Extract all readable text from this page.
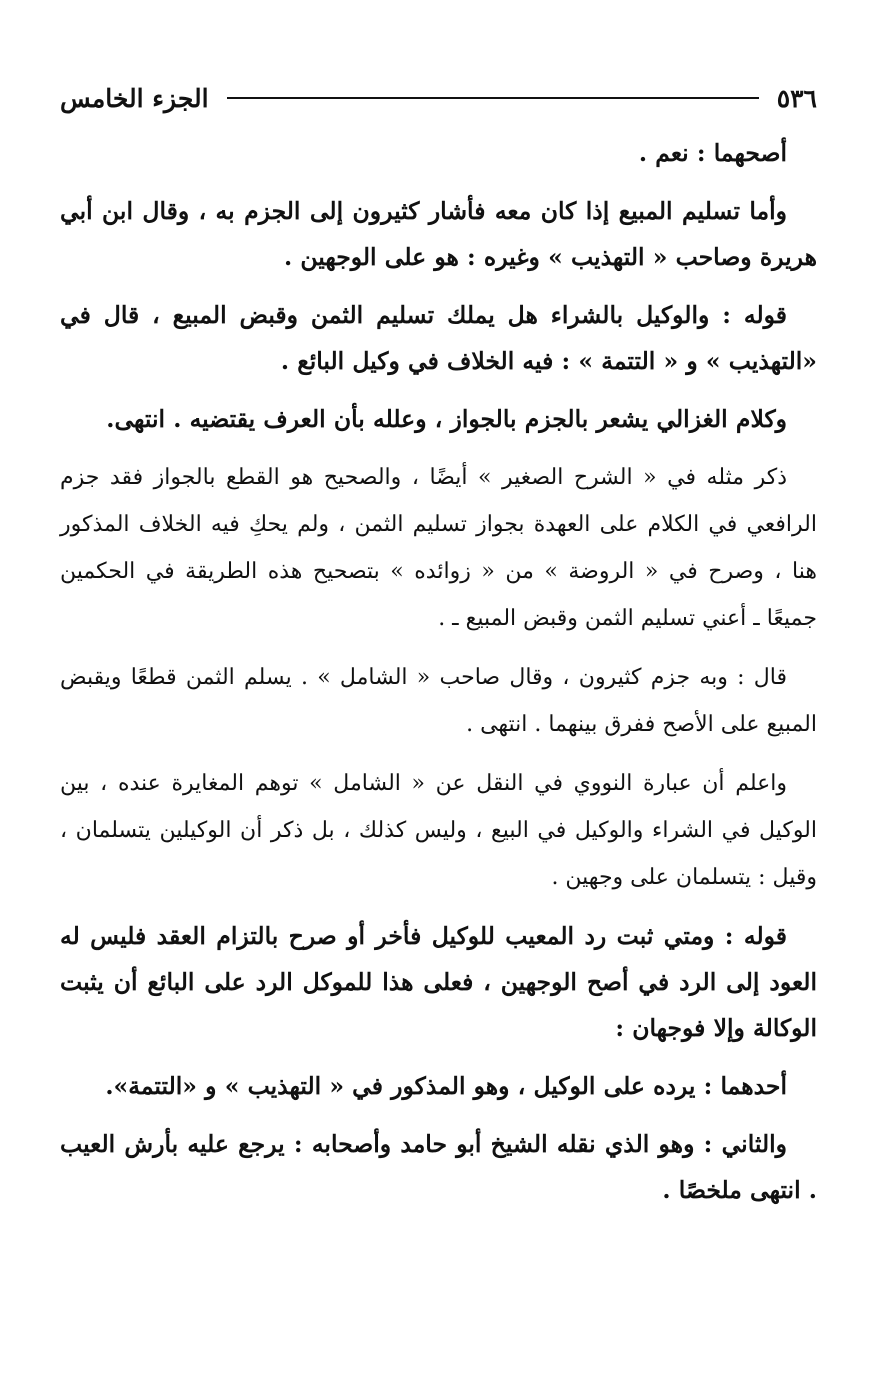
٥٣٦
الجزء الخامس

أصحهما : نعم .

وأما تسليم المبيع إذا كان معه فأشار كثيرون إلى الجزم به ، وقال ابن أبي هريرة وصاحب « التهذيب » وغيره : هو على الوجهين .

قوله : والوكيل بالشراء هل يملك تسليم الثمن وقبض المبيع ، قال في «التهذيب » و « التتمة » : فيه الخلاف في وكيل البائع .

وكلام الغزالي يشعر بالجزم بالجواز ، وعلله بأن العرف يقتضيه . انتهى.

ذكر مثله في « الشرح الصغير » أيضًا ، والصحيح هو القطع بالجواز فقد جزم الرافعي في الكلام على العهدة بجواز تسليم الثمن ، ولم يحكِ فيه الخلاف المذكور هنا ، وصرح في « الروضة » من « زوائده » بتصحيح هذه الطريقة في الحكمين جميعًا ـ أعني تسليم الثمن وقبض المبيع ـ .

قال : وبه جزم كثيرون ، وقال صاحب « الشامل » . يسلم الثمن قطعًا ويقبض المبيع على الأصح ففرق بينهما . انتهى .

واعلم أن عبارة النووي في النقل عن « الشامل » توهم المغايرة عنده ، بين الوكيل في الشراء والوكيل في البيع ، وليس كذلك ، بل ذكر أن الوكيلين يتسلمان ، وقيل : يتسلمان على وجهين .

قوله : ومتي ثبت رد المعيب للوكيل فأخر أو صرح بالتزام العقد فليس له العود إلى الرد في أصح الوجهين ، فعلى هذا للموكل الرد على البائع أن يثبت الوكالة وإلا فوجهان :

أحدهما : يرده على الوكيل ، وهو المذكور في « التهذيب » و «التتمة».

والثاني : وهو الذي نقله الشيخ أبو حامد وأصحابه : يرجع عليه بأرش العيب . انتهى ملخصًا .
